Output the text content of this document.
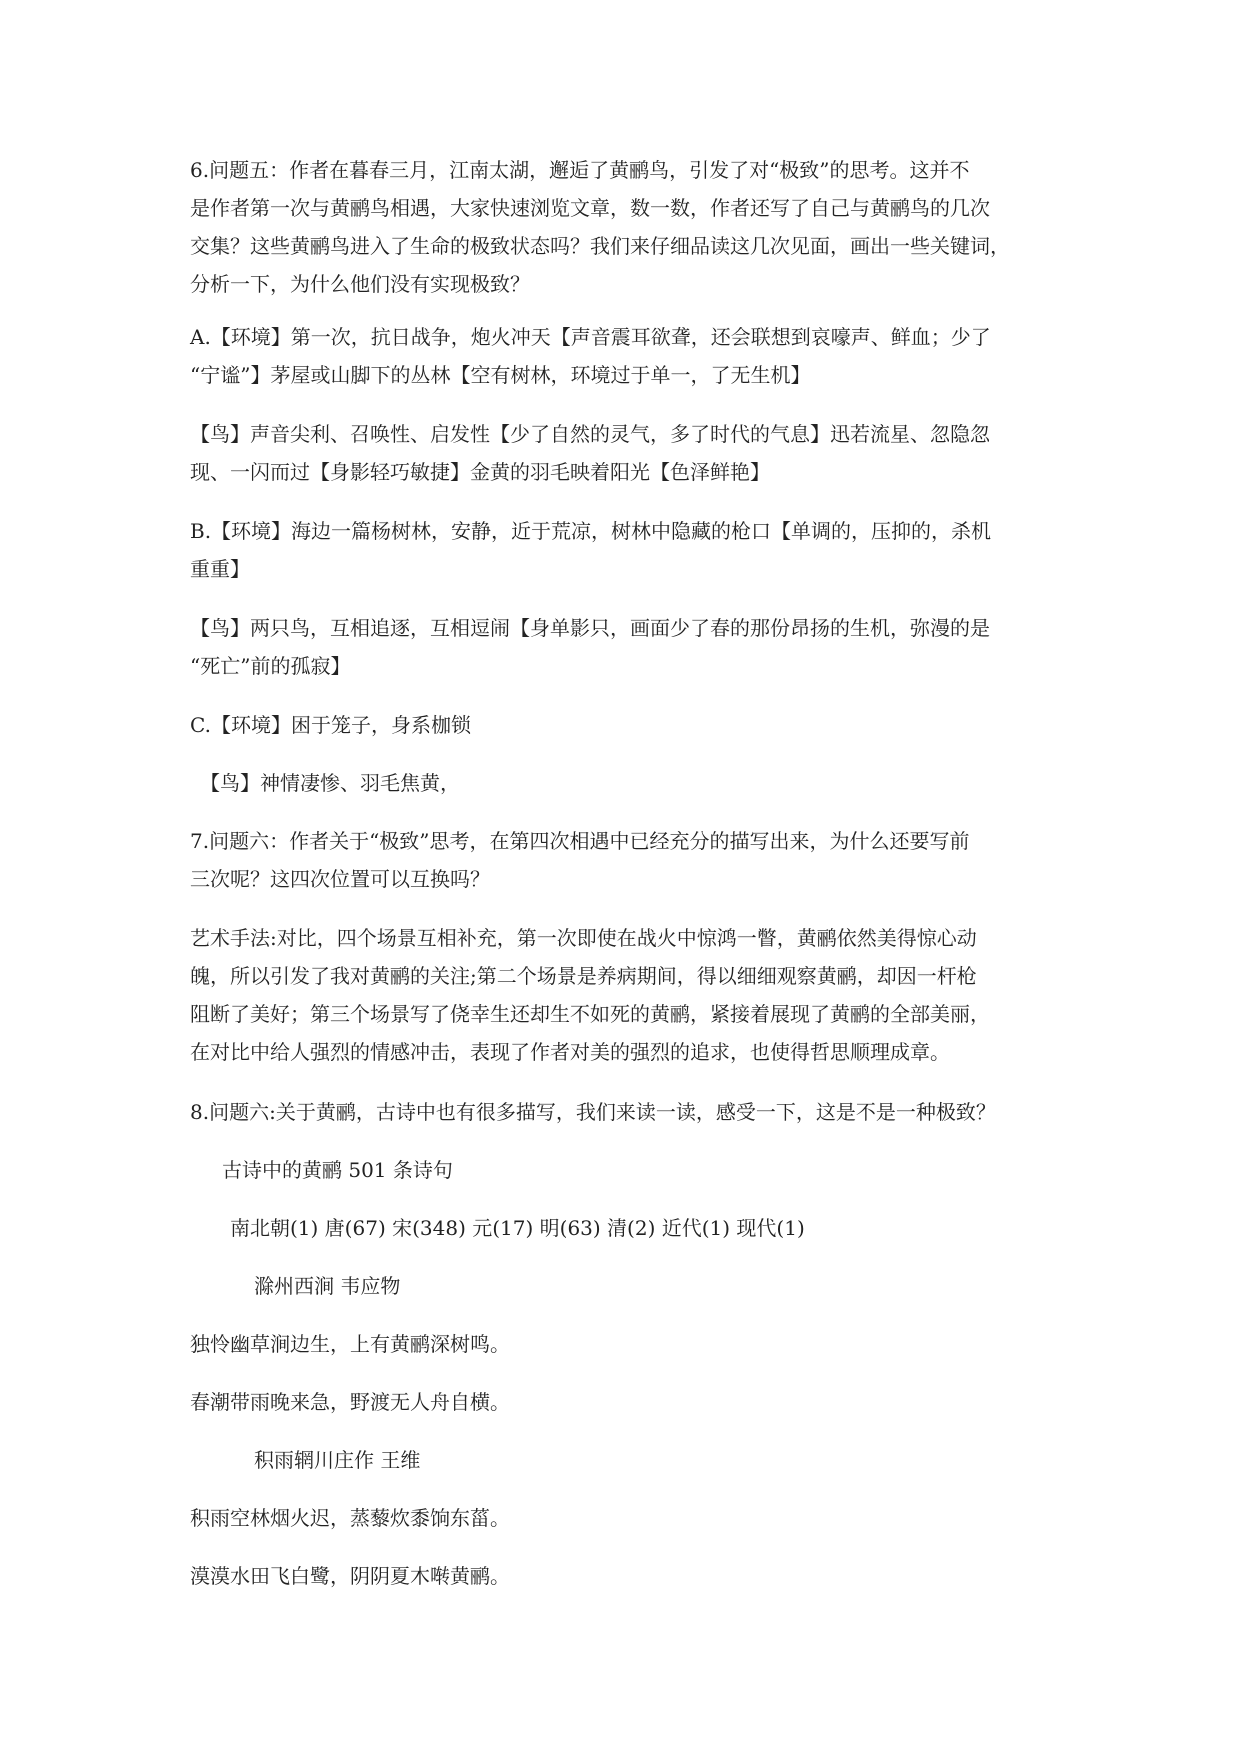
6.问题五：作者在暮春三月，江南太湖，邂逅了黄鹂鸟，引发了对“极致”的思考。这并不
是作者第一次与黄鹂鸟相遇，大家快速浏览文章，数一数，作者还写了自己与黄鹂鸟的几次
交集？这些黄鹂鸟进入了生命的极致状态吗？我们来仔细品读这几次见面，画出一些关键词，
分析一下，为什么他们没有实现极致？
A.【环境】第一次，抗日战争，炮火冲天【声音震耳欲聋，还会联想到哀嚎声、鲜血；少了
“宁谧”】茅屋或山脚下的丛林【空有树林，环境过于单一，了无生机】
【鸟】声音尖利、召唤性、启发性【少了自然的灵气，多了时代的气息】迅若流星、忽隐忽
现、一闪而过【身影轻巧敏捷】金黄的羽毛映着阳光【色泽鲜艳】
B.【环境】海边一篇杨树林，安静，近于荒凉，树林中隐藏的枪口【单调的，压抑的，杀机
重重】
【鸟】两只鸟，互相追逐，互相逗闹【身单影只，画面少了春的那份昂扬的生机，弥漫的是
“死亡”前的孤寂】
C.【环境】困于笼子，身系枷锁
【鸟】神情凄惨、羽毛焦黄，
7.问题六：作者关于“极致”思考，在第四次相遇中已经充分的描写出来，为什么还要写前
三次呢？这四次位置可以互换吗？
艺术手法:对比，四个场景互相补充，第一次即使在战火中惊鸿一瞥，黄鹂依然美得惊心动
魄，所以引发了我对黄鹂的关注;第二个场景是养病期间，得以细细观察黄鹂，却因一杆枪
阻断了美好；第三个场景写了侥幸生还却生不如死的黄鹂，紧接着展现了黄鹂的全部美丽，
在对比中给人强烈的情感冲击，表现了作者对美的强烈的追求，也使得哲思顺理成章。
8.问题六:关于黄鹂，古诗中也有很多描写，我们来读一读，感受一下，这是不是一种极致？
古诗中的黄鹂 501 条诗句
南北朝(1) 唐(67) 宋(348) 元(17) 明(63) 清(2) 近代(1) 现代(1)
滁州西涧 韦应物
独怜幽草涧边生，上有黄鹂深树鸣。
春潮带雨晚来急，野渡无人舟自横。
积雨辋川庄作 王维
积雨空林烟火迟，蒸藜炊黍饷东菑。
漠漠水田飞白鹭，阴阴夏木啭黄鹂。
